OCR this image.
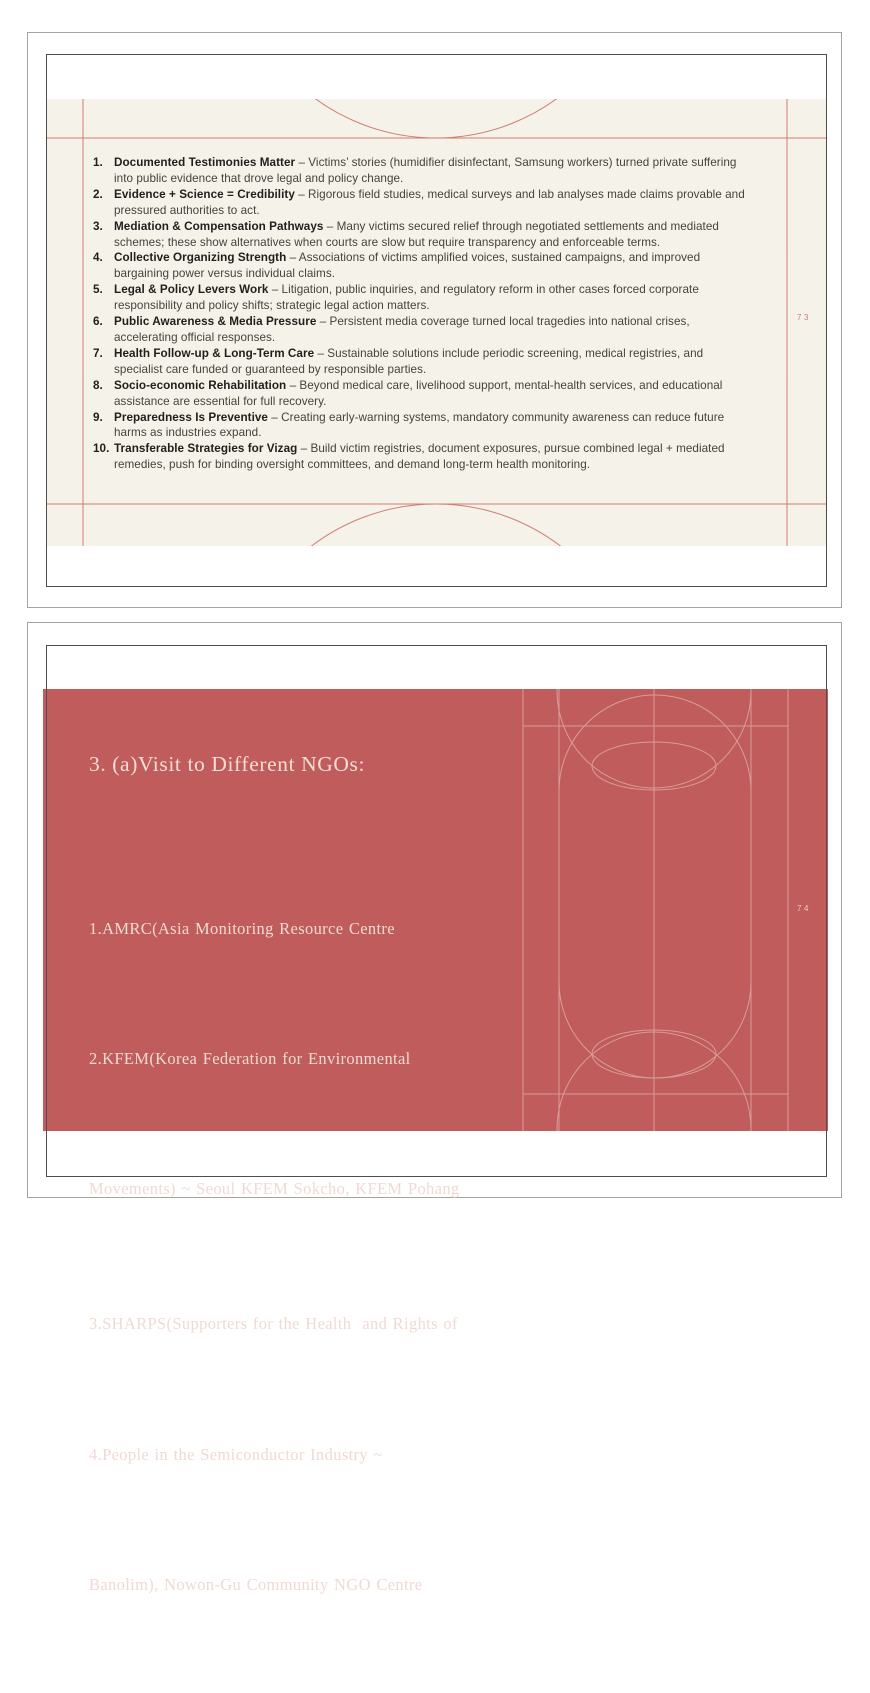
1. Documented Testimonies Matter – Victims’ stories (humidifier disinfectant, Samsung workers) turned private suffering into public evidence that drove legal and policy change.
2. Evidence + Science = Credibility – Rigorous field studies, medical surveys and lab analyses made claims provable and pressured authorities to act.
3. Mediation & Compensation Pathways – Many victims secured relief through negotiated settlements and mediated schemes; these show alternatives when courts are slow but require transparency and enforceable terms.
4. Collective Organizing Strength – Associations of victims amplified voices, sustained campaigns, and improved bargaining power versus individual claims.
5. Legal & Policy Levers Work – Litigation, public inquiries, and regulatory reform in other cases forced corporate responsibility and policy shifts; strategic legal action matters.
6. Public Awareness & Media Pressure – Persistent media coverage turned local tragedies into national crises, accelerating official responses.
7. Health Follow-up & Long-Term Care – Sustainable solutions include periodic screening, medical registries, and specialist care funded or guaranteed by responsible parties.
8. Socio-economic Rehabilitation – Beyond medical care, livelihood support, mental-health services, and educational assistance are essential for full recovery.
9. Preparedness Is Preventive – Creating early-warning systems, mandatory community awareness can reduce future harms as industries expand.
10. Transferable Strategies for Vizag – Build victim registries, document exposures, pursue combined legal + mediated remedies, push for binding oversight committees, and demand long-term health monitoring.
73
3. (a)Visit to Different NGOs:

1.AMRC(Asia Monitoring Resource Centre

2.KFEM(Korea Federation for Environmental

Movements) ~ Seoul KFEM Sokcho, KFEM Pohang

3.SHARPS(Supporters for the Health  and Rights of

4.People in the Semiconductor Industry ~

Banolim), Nowon-Gu Community NGO Centre

74
